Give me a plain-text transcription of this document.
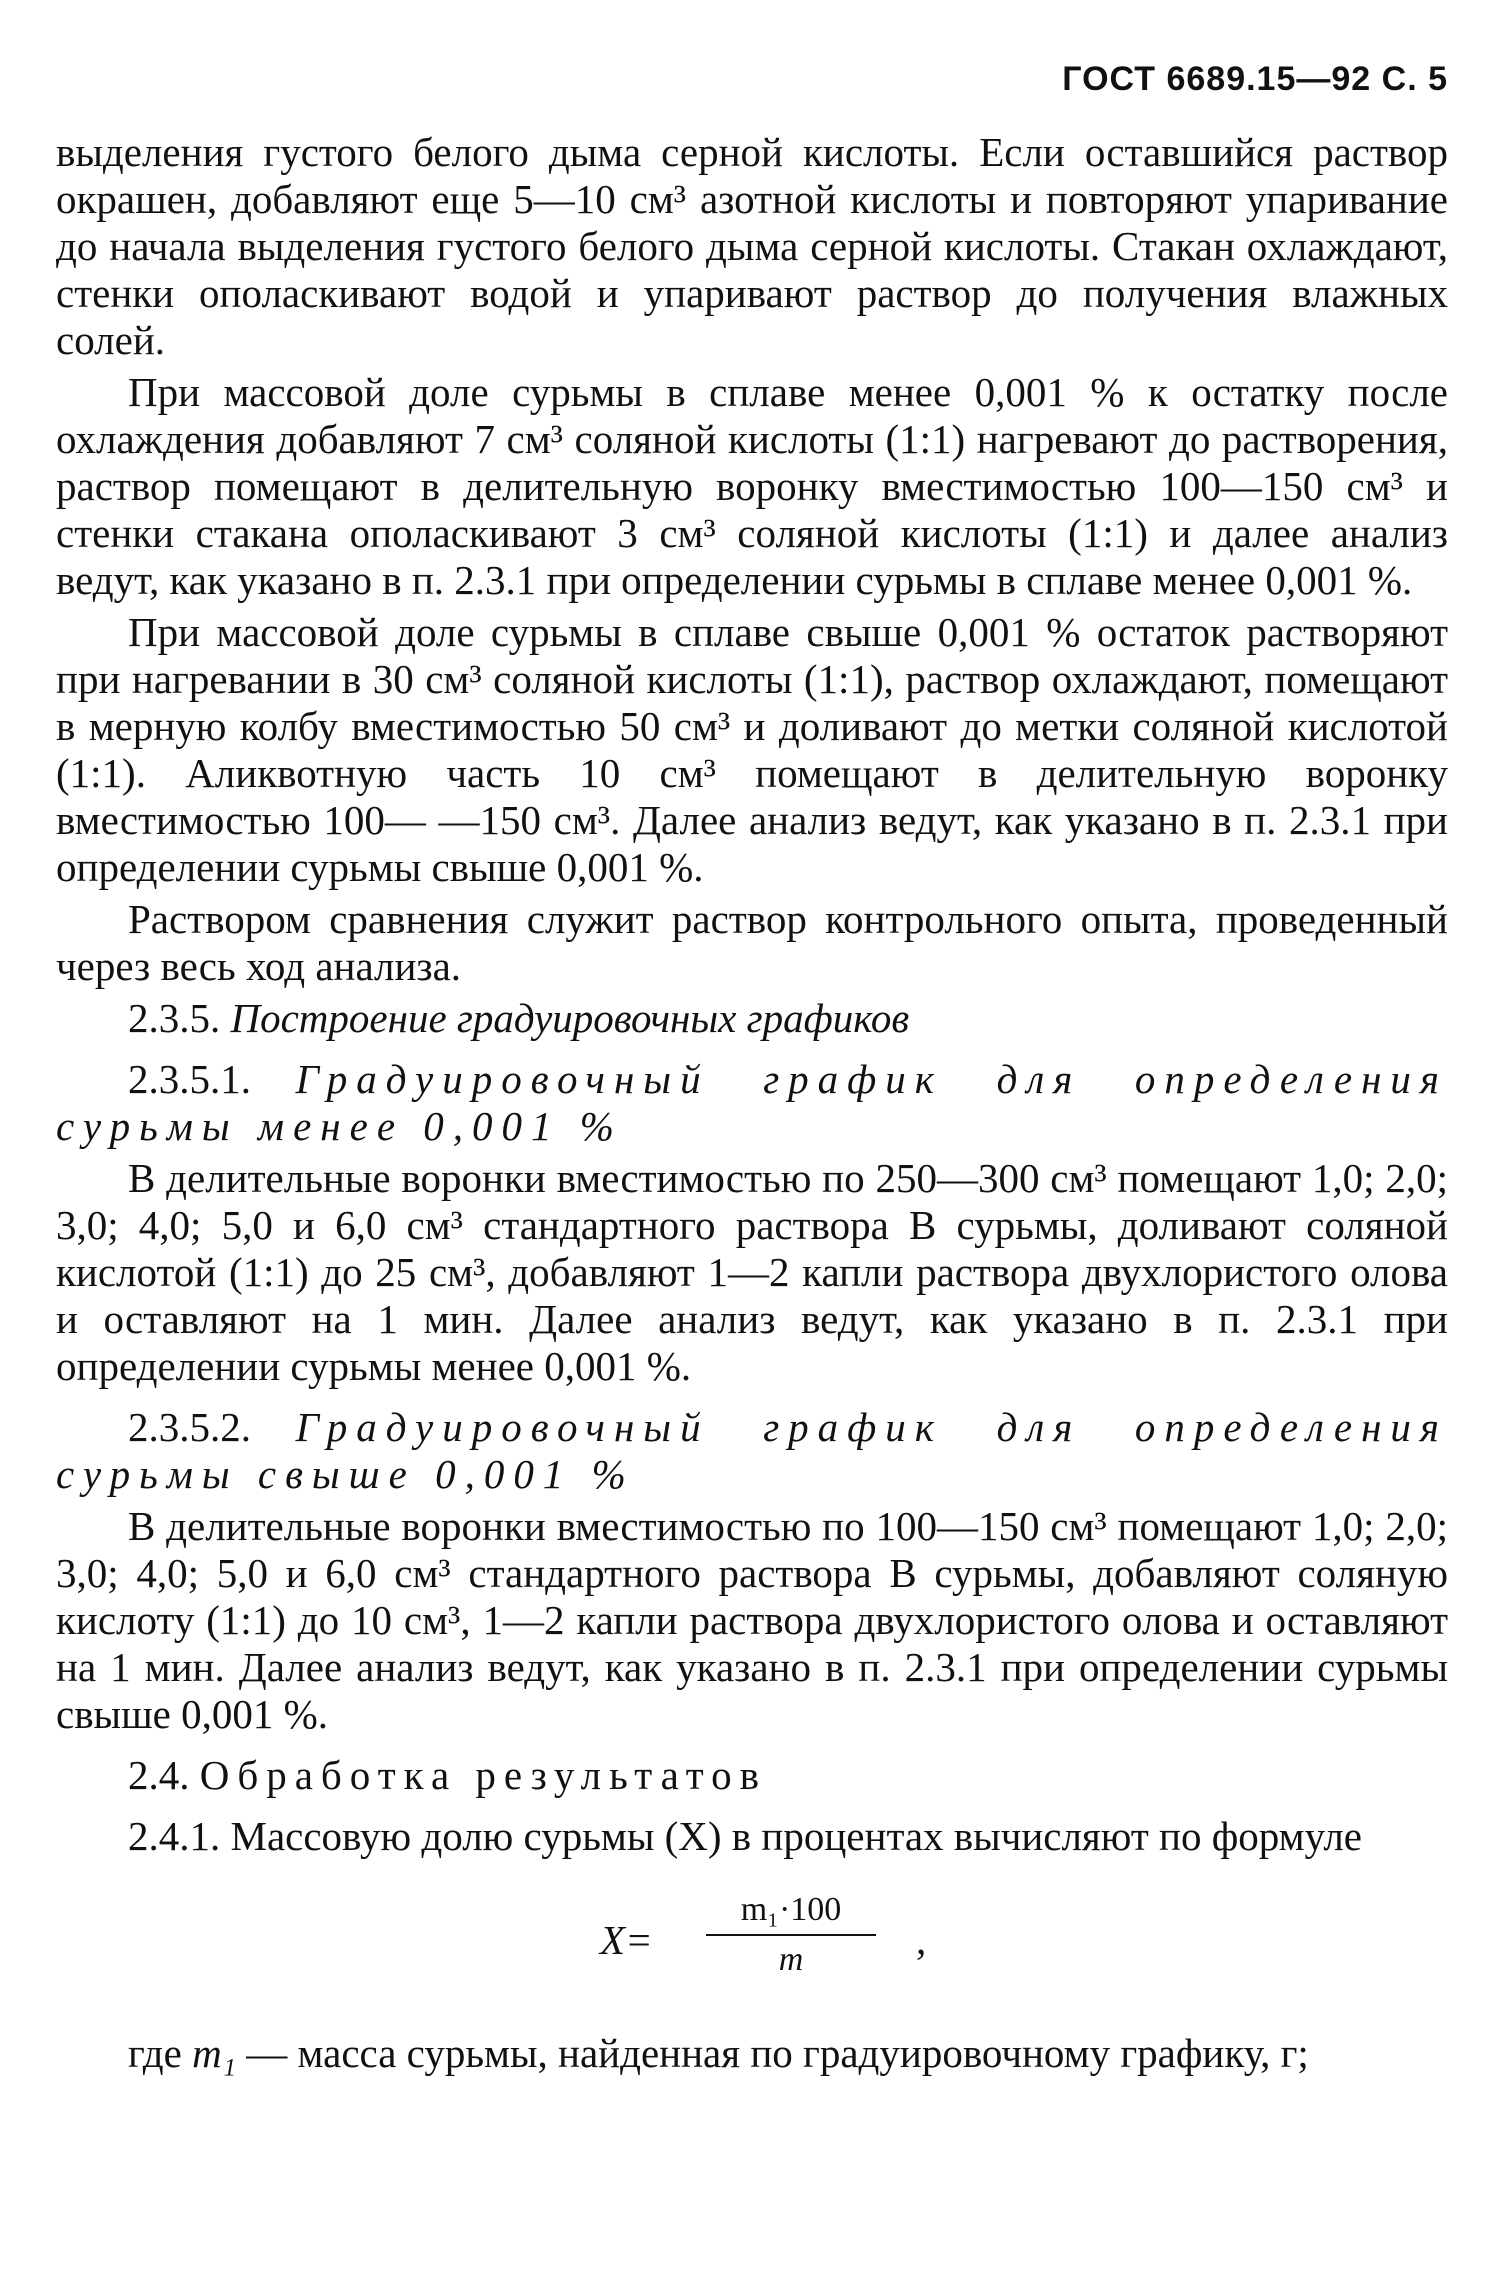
ГОСТ 6689.15—92 С. 5

выделения густого белого дыма серной кислоты. Если оставшийся раствор окрашен, добавляют еще 5—10 см³ азотной кислоты и повторяют упаривание до начала выделения густого белого дыма серной кислоты. Стакан охлаждают, стенки ополаскивают водой и упаривают раствор до получения влажных солей.

При массовой доле сурьмы в сплаве менее 0,001 % к остатку после охлаждения добавляют 7 см³ соляной кислоты (1:1) нагревают до растворения, раствор помещают в делительную воронку вместимостью 100—150 см³ и стенки стакана ополаскивают 3 см³ соляной кислоты (1:1) и далее анализ ведут, как указано в п. 2.3.1 при определении сурьмы в сплаве менее 0,001 %.

При массовой доле сурьмы в сплаве свыше 0,001 % остаток растворяют при нагревании в 30 см³ соляной кислоты (1:1), раствор охлаждают, помещают в мерную колбу вместимостью 50 см³ и доливают до метки соляной кислотой (1:1). Аликвотную часть 10 см³ помещают в делительную воронку вместимостью 100— —150 см³. Далее анализ ведут, как указано в п. 2.3.1 при определении сурьмы свыше 0,001 %.

Раствором сравнения служит раствор контрольного опыта, проведенный через весь ход анализа.

2.3.5. Построение градуировочных графиков

2.3.5.1. Градуировочный график для определения сурьмы менее 0,001 %

В делительные воронки вместимостью по 250—300 см³ помещают 1,0; 2,0; 3,0; 4,0; 5,0 и 6,0 см³ стандартного раствора В сурьмы, доливают соляной кислотой (1:1) до 25 см³, добавляют 1—2 капли раствора двухлористого олова и оставляют на 1 мин. Далее анализ ведут, как указано в п. 2.3.1 при определении сурьмы менее 0,001 %.

2.3.5.2. Градуировочный график для определения сурьмы свыше 0,001 %

В делительные воронки вместимостью по 100—150 см³ помещают 1,0; 2,0; 3,0; 4,0; 5,0 и 6,0 см³ стандартного раствора В сурьмы, добавляют соляную кислоту (1:1) до 10 см³, 1—2 капли раствора двухлористого олова и оставляют на 1 мин. Далее анализ ведут, как указано в п. 2.3.1 при определении сурьмы свыше 0,001 %.

2.4. Обработка результатов

2.4.1. Массовую долю сурьмы (X) в процентах вычисляют по формуле

X=
m₁·100
m	,

где m₁ — масса сурьмы, найденная по градуировочному графику, г;
